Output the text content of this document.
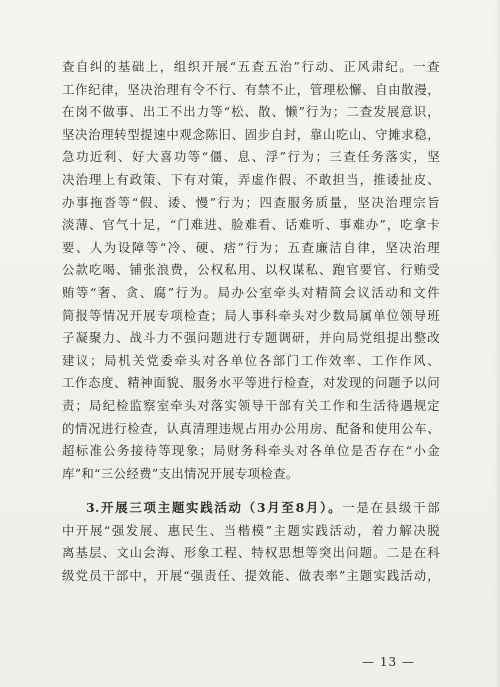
查自纠的基础上，组织开展“五查五治”行动、正风肃纪。一查
工作纪律，坚决治理有令不行、有禁不止，管理松懈、自由散漫，
在岗不做事、出工不出力等“松、散、懒”行为；二查发展意识，
坚决治理转型提速中观念陈旧、固步自封，靠山吃山、守摊求稳，
急功近利、好大喜功等“僵、息、浮”行为；三查任务落实，坚
决治理上有政策、下有对策，弄虚作假、不敢担当，推诿扯皮、
办事拖沓等“假、诿、慢”行为；四查服务质量，坚决治理宗旨
淡薄、官气十足，“门难进、脸难看、话难听、事难办”，吃拿卡
要、人为设障等“冷、硬、痞”行为；五查廉洁自律，坚决治理
公款吃喝、铺张浪费，公权私用、以权谋私、跑官要官、行贿受
贿等“奢、贪、腐”行为。局办公室牵头对精简会议活动和文件
简报等情况开展专项检查；局人事科牵头对少数局属单位领导班
子凝聚力、战斗力不强问题进行专题调研，并向局党组提出整改
建议；局机关党委牵头对各单位各部门工作效率、工作作风、
工作态度、精神面貌、服务水平等进行检查，对发现的问题予以问
责；局纪检监察室牵头对落实领导干部有关工作和生活待遇规定
的情况进行检查，认真清理违规占用办公用房、配备和使用公车、
超标准公务接待等现象；局财务科牵头对各单位是否存在“小金
库”和“三公经费”支出情况开展专项检查。
3.开展三项主题实践活动（3月至8月）。一是在县级干部
中开展“强发展、惠民生、当楷模”主题实践活动，着力解决脱
离基层、文山会海、形象工程、特权思想等突出问题。二是在科
级党员干部中，开展“强责任、提效能、做表率”主题实践活动，
— 13 —
